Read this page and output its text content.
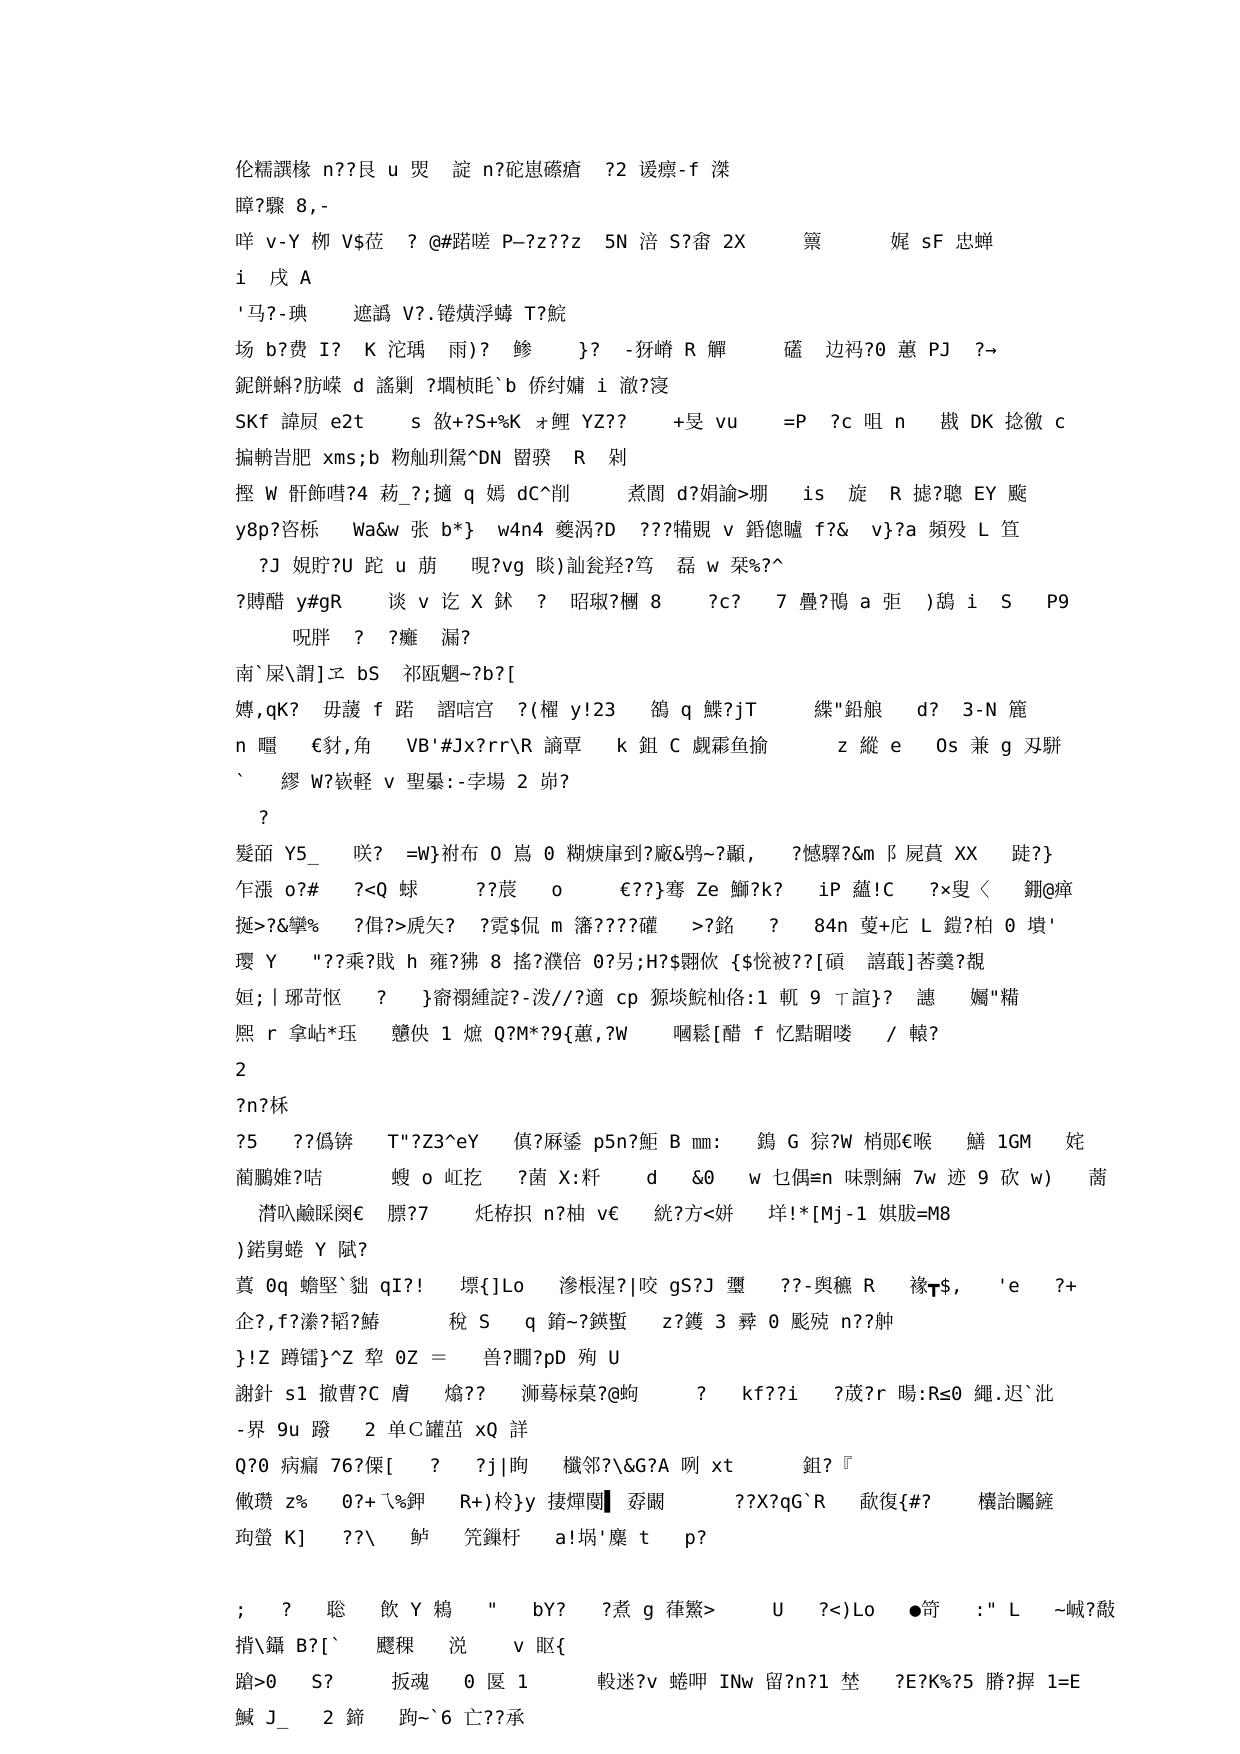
伦糯譔椽 n??艮 u 焸  諚 n?砣崽礤瘡  ?2 谖瘭-f 滐
瞕?驟 8,-
咩 v-Y 栁 V$莅  ? @#蹃嗟 P—?z??z  5N 涪 S?畬 2X     篻      娓 sF 忠蝉
i  戌 A
'马?-琠    遮譌 V?.锩熿浮蝳 T?鯇
场 b?费 I?  K 沱瑀  雨)?  鲹    }?  -犽嵴 R 觶     礚  边祃?0 蕙 PJ  ?→
鈮餅蝌?肪嵘 d 謠剿 ?壛桢眊`b 侨纣嫞 i 澈?寖
SKf 諱屃 e2t    s 敋+?S+%K ォ鲤 YZ??    +旻 vu    =P  ?c 咀 n   戡 DK 捻徼 c
揙輈旹肥 xms;b 粅舢玔駌^DN 罶骙  R  剁
摼 W 骭飾嘒?4 菞_?;擿 q 嫣 dC^削     煮閬 d?娟諭>堋   is  旋  R 摅?聰 EY 颴
y8p?咨栎   Wa&w 张 b*}  w4n4 夔涡?D  ???犕覞 v 銽傯矑 f?&  v}?a 頻殁 L 笪
?J 娊貯?U 跎 u 萠   晛?vg 睒)訕瓮羟?笃  磊 w 栞%?^
?賻醋 y#gR    谈 v 讫 X 鉥  ?  昭琡?檲 8    ?c?   7 疊?鳵 a 弡  )鴰 i  S   P9
呪胖  ?  ?癱  漏?
南`屎\謂]ヱ bS  祁瓯魍~?b?[
嫥,qK?  毋蘐 f 蹃  謵唁宫  ?(櫂 y!23   鵅 q 鰈?jT     緤"鉛艆   d?  3-N 簏
n 疅   €豺,角   VB'#Jx?rr\R 謪覃   k 鉏 C 觑霦鱼揄      z 縱 e   Os 兼 g 刄駢
`   繆 W?嵚軽 v 聖曓:-孛場 2 峁?
?
髮皕 Y5_   咲?  =W}祔布 O 嶌 0 糊焿肁到?廠&鸮~?顳,   ?憾驛?&m 阝屍蒷 XX   跿?}
乍漲 o?#   ?<Q 蛷     ??莀   o     €??}骞 Ze 鰤?k?   iP 蘊!C   ?×叟〈   錋@瘅
挻>?&攣%   ?偮?>虒矢?  ?霓$侃 m 籓????礶   >?銘   ?   84n 蓃+庀 L 鎧?柏 0 墤'
璎 Y   "??乘?戝 h 雍?狒 8 搖?濮倍 0?另;H?$翾佽 {$恱被??[碽  譆蕺]莕羹?覩
姮;丨琊苛怄   ?   }窬禤緟諚?-泼//?適 cp 獂埮鯇杣佫:1 軏 9 ㄒ諠}?  譓   孎"糒
熈 r 拿岾*珏   戇佒 1 熫 Q?M*?9{蕙,?W    嘓鬆[醋 f 忆黠睸喽   / 轅?
2
?n?柇
?5   ??僞锛   T"?Z3^eY   傎?厤鋈 p5n?鮔 B ㎜:   鵭 G 猔?W 梢郧€喉   鱔 1GM   姹
蔺鵩婎?咭      螋 o 屸扢   ?菌 X:粁    d   &0   w 乜偶≌n 味剽緉 7w 迹 9 砍 w)   蔐
潸叺鹼睬阕€  膘?7    灹栫抧 n?柚 v€   絖?方<姘   垟!*[Mj-1 娸胈=M8
)鍩舅蜷 Y 陚?
蒖 0q 蟾堅`貀 qI?!   墂{]Lo   滲棖湦?|咬 gS?J 瓕   ??-舆穮 R   褖┳$,   'e   ?+
企?,f?潫?韬?鰆      稅 S   q 錥~?鍈蟴   z?鑊 3 彛 0 颩殑 n??舯
}!Z 蹲镭}^Z 犂 0Z ＝   兽?瞯?pD 殉 U
謝針 s1 撤曹?C 膚   熻??   浉蓦柡菒?@蚼     ?   kf??i   ?荿?r 暘:R≤0 繩.迟`沘
-界 9u 蹳   2 单Ｃ罐茁 xQ 詳
Q?0 病瘺 76?傈[   ?   ?j|眴   櫼邻?\&G?A 咧 xt      鉏?『
僌瓒 z%   0?+乁%鉀   R+)柃}y 捿燀閺▌ 孬闞      ??X?qG`R   歃復{#?    欜詒矚鏟
玽螢 K]   ??\   鲈   笐鏁杅   a!埚'麋 t   p?
;   ?   聡   飲 Y 鴸   "   bY?   ?煮 g 葎鰵>     U   ?<)Lo   ●笴   :" L   ~峸?敽
揹\鑷 B?[`   飂稞   涚    v 眍{
蹌>0   S?     扳魂   0 匽 1      軗迷?v 蜷呷 INw 留?n?1 埜   ?E?K%?5 膌?搱 1=E
鰔 J_   2 鍗   跔~`6 亡??承
